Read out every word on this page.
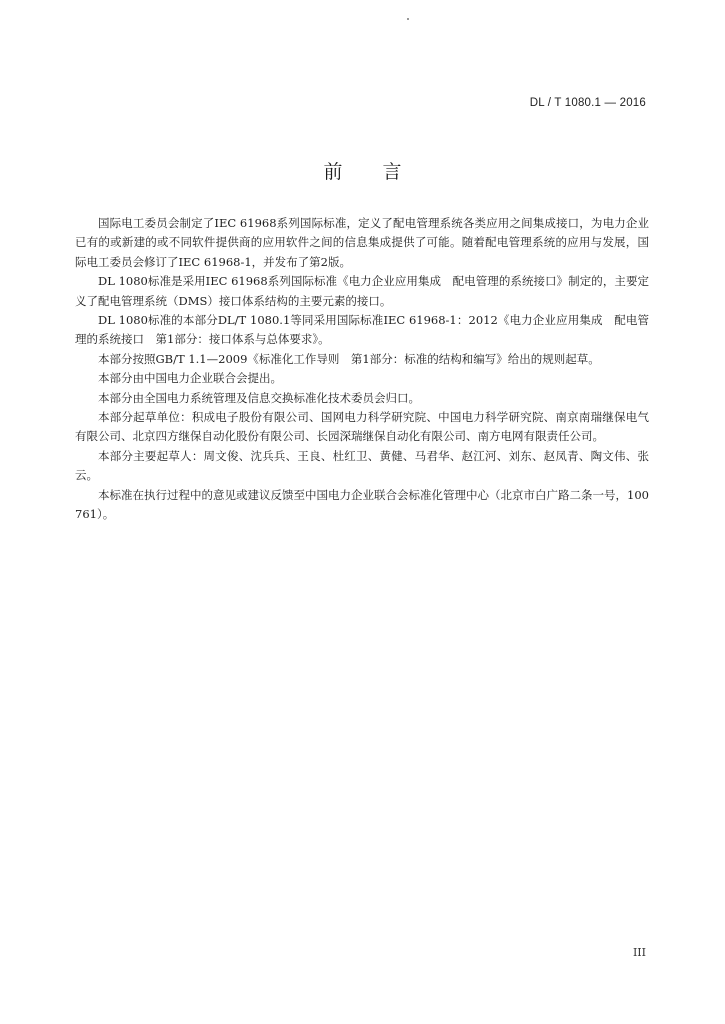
DL / T 1080.1 — 2016
前言

国际电工委员会制定了IEC 61968系列国际标准，定义了配电管理系统各类应用之间集成接口，为电力企业已有的或新建的或不同软件提供商的应用软件之间的信息集成提供了可能。随着配电管理系统的应用与发展，国际电工委员会修订了IEC 61968-1，并发布了第2版。

DL 1080标准是采用IEC 61968系列国际标准《电力企业应用集成　配电管理的系统接口》制定的，主要定义了配电管理系统（DMS）接口体系结构的主要元素的接口。

DL 1080标准的本部分DL/T 1080.1等同采用国际标准IEC 61968-1：2012《电力企业应用集成　配电管理的系统接口　第1部分：接口体系与总体要求》。

本部分按照GB/T 1.1—2009《标准化工作导则　第1部分：标准的结构和编写》给出的规则起草。

本部分由中国电力企业联合会提出。

本部分由全国电力系统管理及信息交换标准化技术委员会归口。

本部分起草单位：积成电子股份有限公司、国网电力科学研究院、中国电力科学研究院、南京南瑞继保电气有限公司、北京四方继保自动化股份有限公司、长园深瑞继保自动化有限公司、南方电网有限责任公司。

本部分主要起草人：周文俊、沈兵兵、王良、杜红卫、黄健、马君华、赵江河、刘东、赵凤青、陶文伟、张云。

本标准在执行过程中的意见或建议反馈至中国电力企业联合会标准化管理中心（北京市白广路二条一号，100761）。

III
